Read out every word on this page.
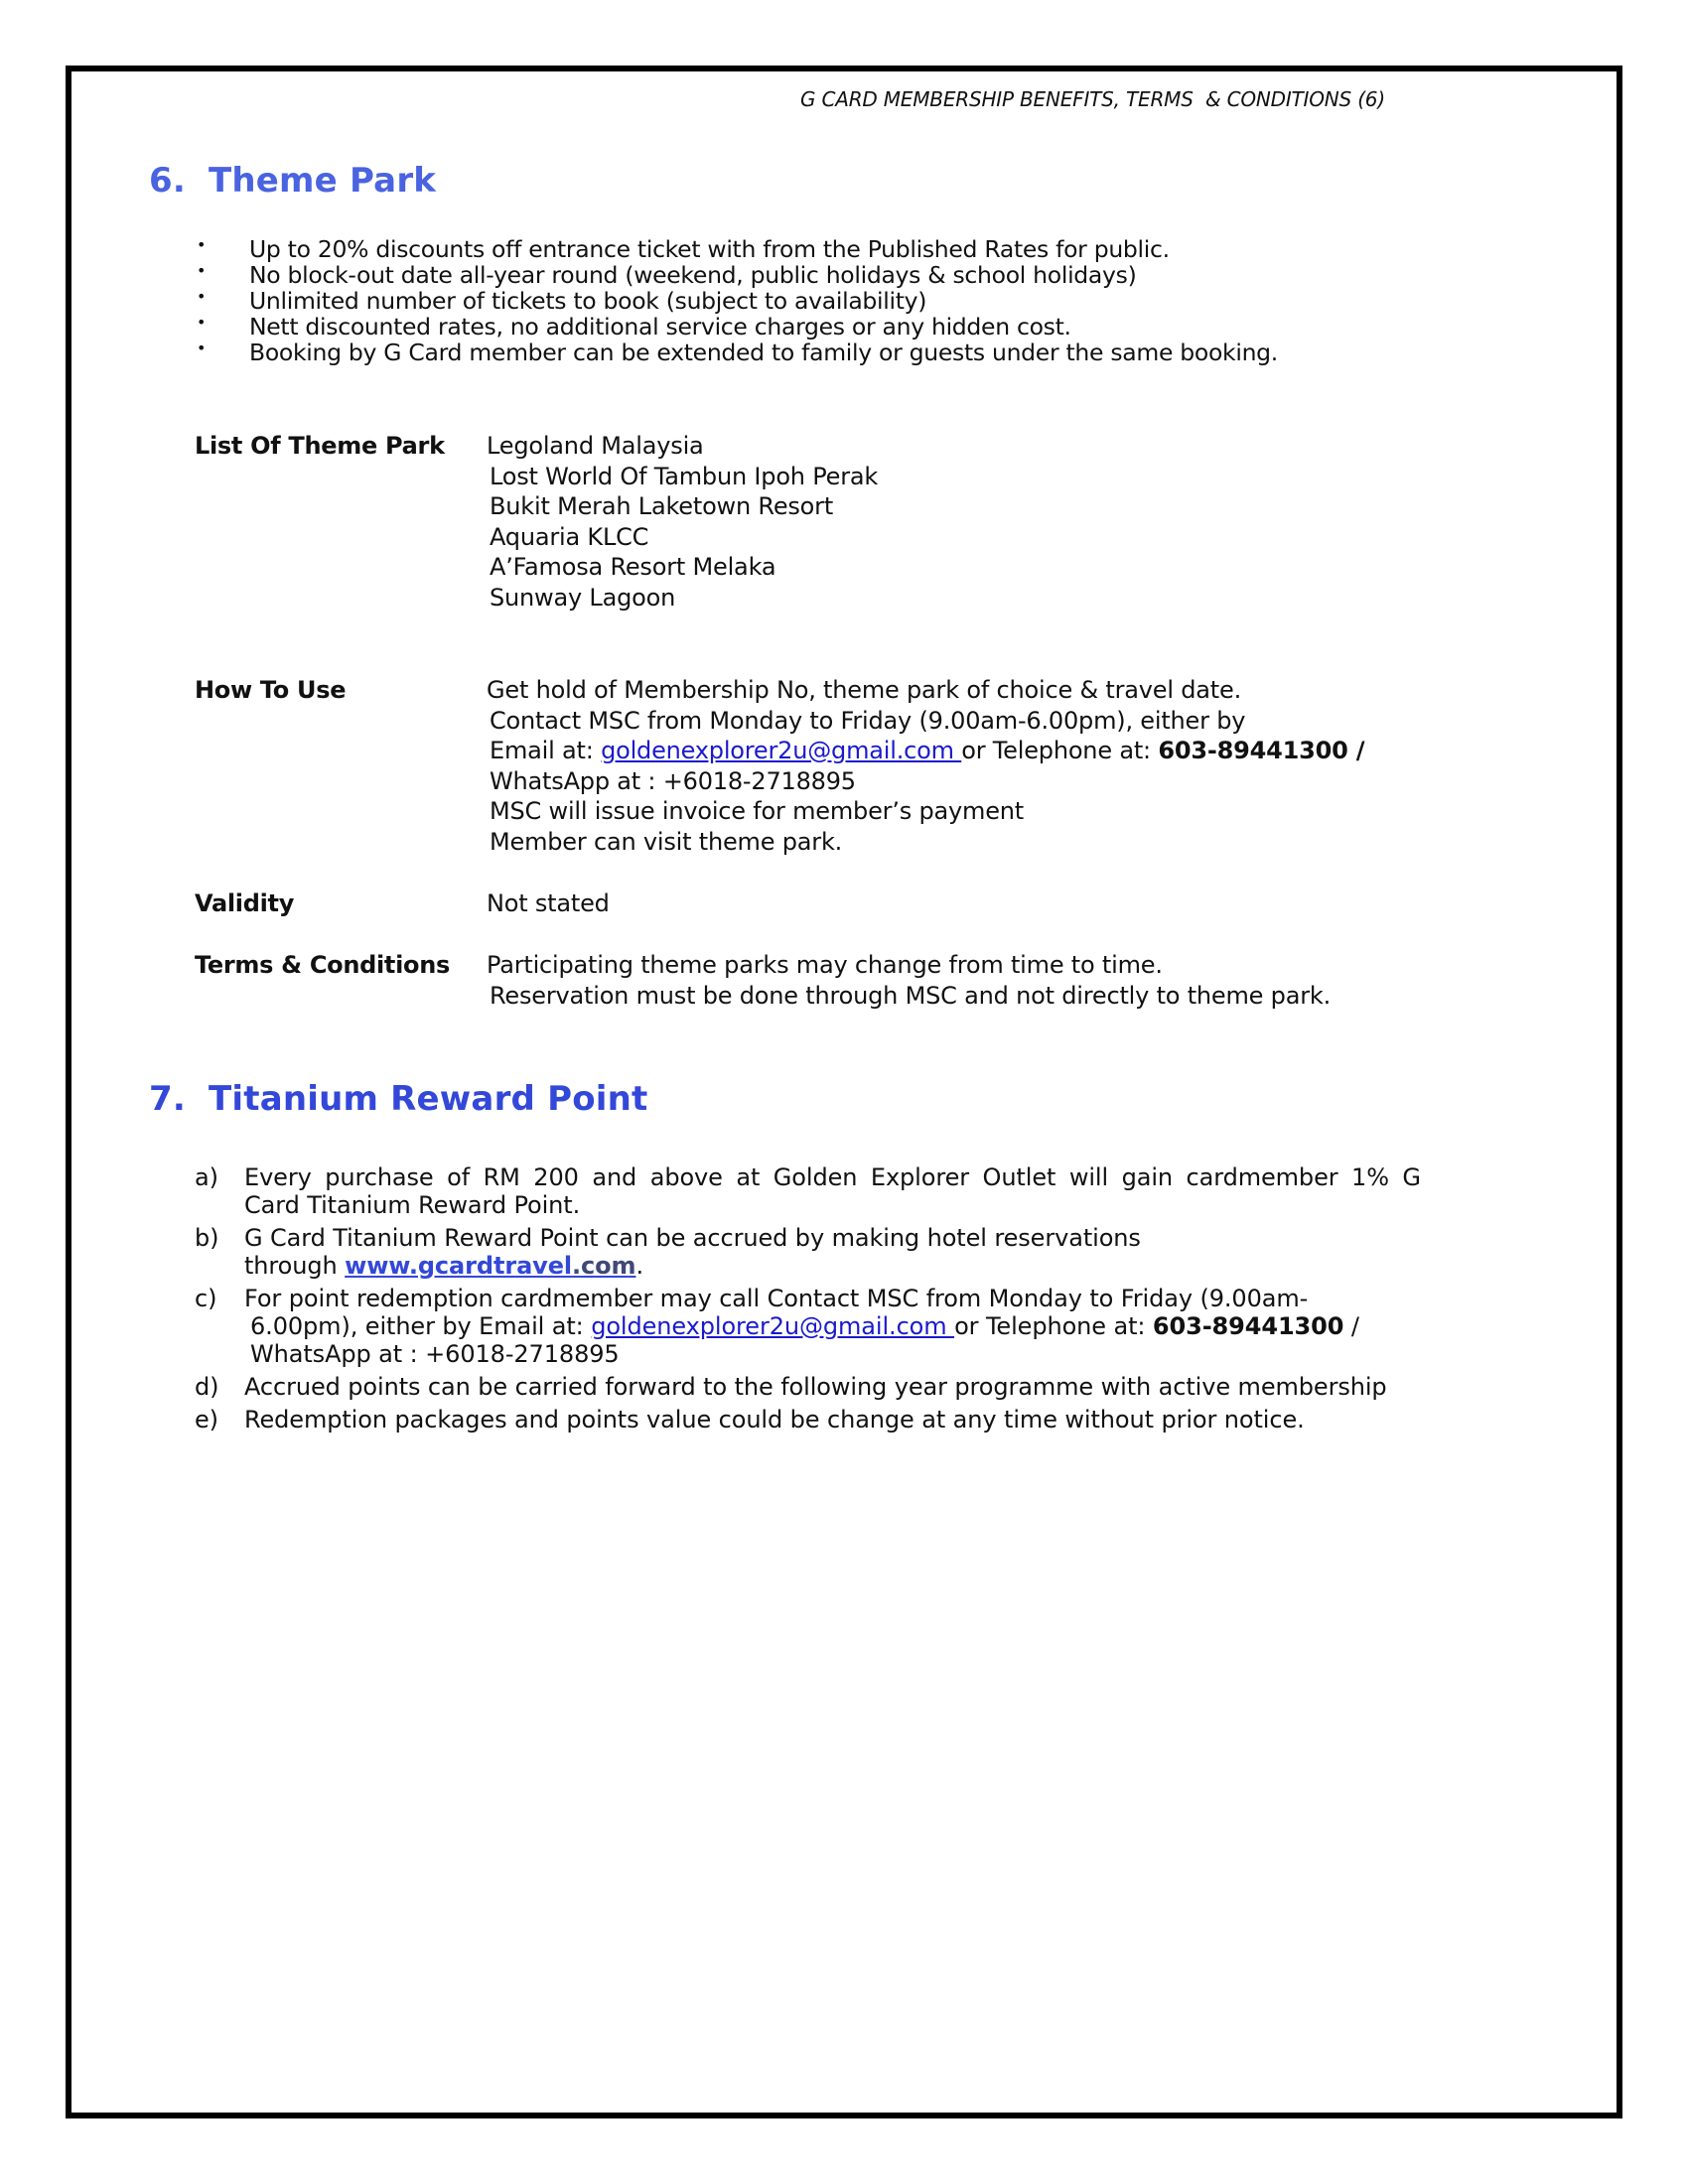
G CARD MEMBERSHIP BENEFITS, TERMS  & CONDITIONS (6)
6. Theme Park
•	Up to 20% discounts off entrance ticket with from the Published Rates for public.
•	No block-out date all-year round (weekend, public holidays & school holidays)
•	Unlimited number of tickets to book (subject to availability)
•	Nett discounted rates, no additional service charges or any hidden cost.
•	Booking by G Card member can be extended to family or guests under the same booking.
List Of Theme Park Legoland Malaysia
Lost World Of Tambun Ipoh Perak
Bukit Merah Laketown Resort
Aquaria KLCC
A’Famosa Resort Melaka
Sunway Lagoon
How To Use	Get hold of Membership No, theme park of choice & travel date.
Contact MSC from Monday to Friday (9.00am-6.00pm), either by
Email at: goldenexplorer2u@gmail.com or Telephone at: 603-89441300 /
WhatsApp at : +6018-2718895
MSC will issue invoice for member’s payment
Member can visit theme park.
Validity	Not stated
Terms & Conditions Participating theme parks may change from time to time.
Reservation must be done through MSC and not directly to theme park.
7. Titanium Reward Point
a)	Every purchase of RM 200 and above at Golden Explorer Outlet will gain cardmember 1% G
Card Titanium Reward Point.
b)	G Card Titanium Reward Point can be accrued by making hotel reservations
through www.gcardtravel.com.
c)	For point redemption cardmember may call Contact MSC from Monday to Friday (9.00am-
6.00pm), either by Email at: goldenexplorer2u@gmail.com or Telephone at: 603-89441300 /
WhatsApp at : +6018-2718895
d)	Accrued points can be carried forward to the following year programme with active membership
e)	Redemption packages and points value could be change at any time without prior notice.
